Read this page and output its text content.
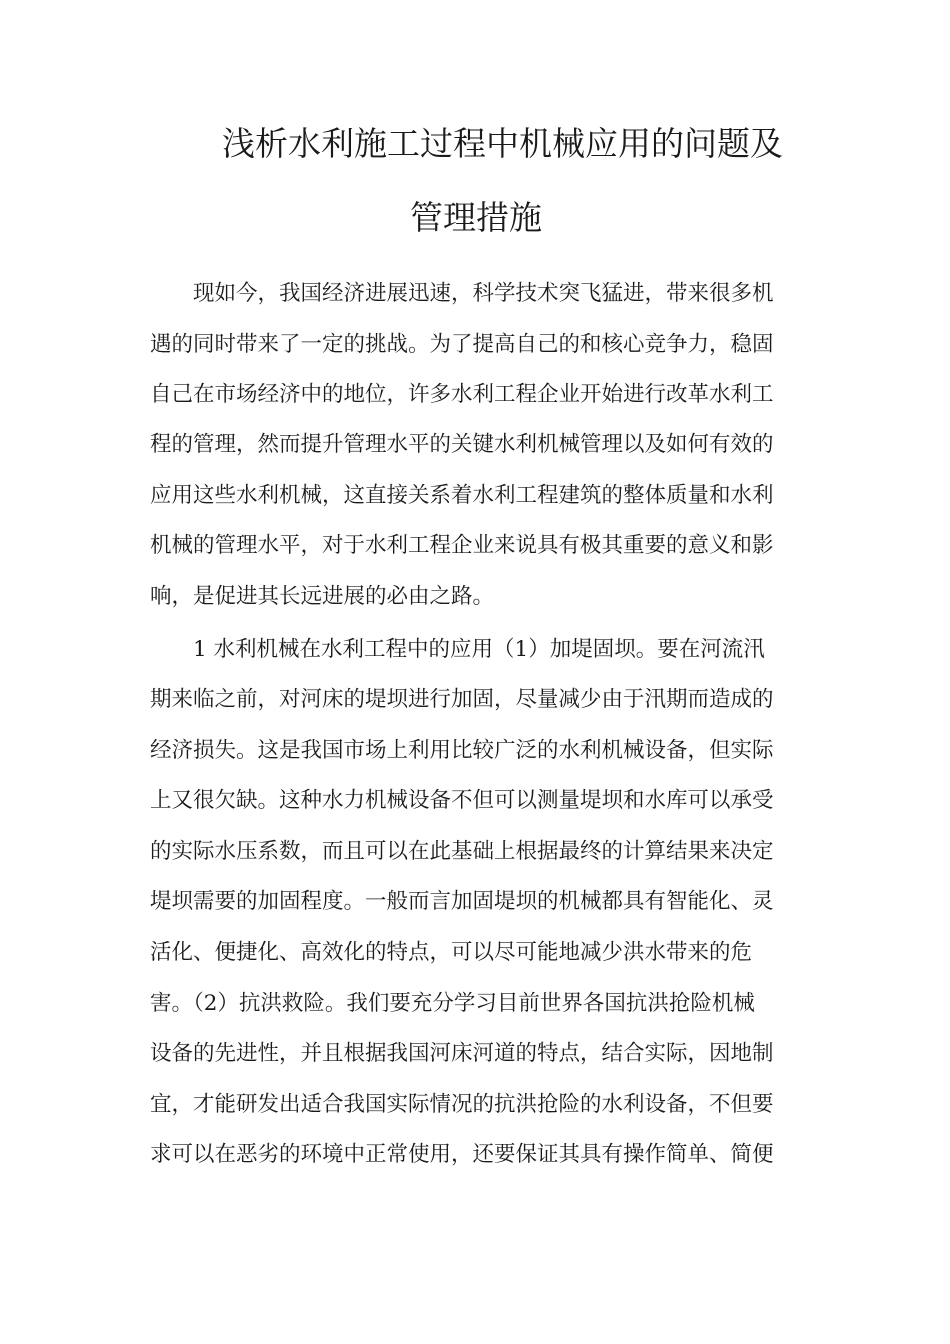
浅析水利施工过程中机械应用的问题及
管理措施
　　现如今，我国经济进展迅速，科学技术突飞猛进，带来很多机
遇的同时带来了一定的挑战。为了提高自己的和核心竞争力，稳固
自己在市场经济中的地位，许多水利工程企业开始进行改革水利工
程的管理，然而提升管理水平的关键水利机械管理以及如何有效的
应用这些水利机械，这直接关系着水利工程建筑的整体质量和水利
机械的管理水平，对于水利工程企业来说具有极其重要的意义和影
响，是促进其长远进展的必由之路。
　　1 水利机械在水利工程中的应用（1）加堤固坝。要在河流汛
期来临之前，对河床的堤坝进行加固，尽量减少由于汛期而造成的
经济损失。这是我国市场上利用比较广泛的水利机械设备，但实际
上又很欠缺。这种水力机械设备不但可以测量堤坝和水库可以承受
的实际水压系数，而且可以在此基础上根据最终的计算结果来决定
堤坝需要的加固程度。一般而言加固堤坝的机械都具有智能化、灵
活化、便捷化、高效化的特点，可以尽可能地减少洪水带来的危
害。（2）抗洪救险。我们要充分学习目前世界各国抗洪抢险机械
设备的先进性，并且根据我国河床河道的特点，结合实际，因地制
宜，才能研发出适合我国实际情况的抗洪抢险的水利设备，不但要
求可以在恶劣的环境中正常使用，还要保证其具有操作简单、简便
